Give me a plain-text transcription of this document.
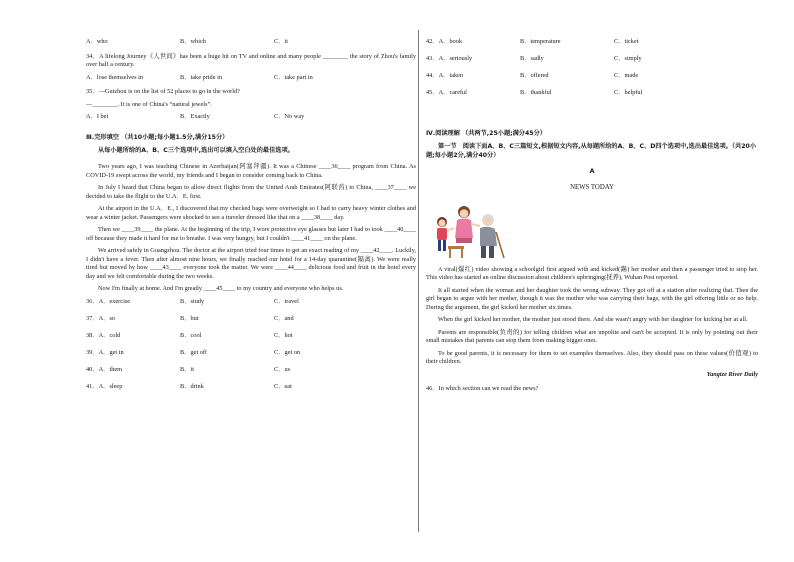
A．who	B．which	C．it

34．A lifelong Journey《人世间》has been a huge hit on TV and online and many people ________ the story of Zhou's family over half a century.

A．lose themselves in	B．take pride in	C．take part in

35．—Guizhou is on the list of 52 places to go in the world?

—________. It is one of China's “natural jewels”.

A．I bet	B．Exactly	C．No way
Ⅲ.完形填空 （共10小题;每小题1.5分,满分15分）
从每小题所给的A、B、C三个选项中,选出可以填入空白处的最佳选项。

Two years ago, I was teaching Chinese in Azerbaijan(阿塞拜疆). It was a Chinese ____36____ program from China. As COVID-19 swept across the world, my friends and I began to consider coming back to China.

In July I heard that China began to allow direct flights from the United Arab Emirates(阿联酋) to China, ____37____ we decided to take the flight to the U.A．E. first.

At the airport in the U.A．E., I discovered that my checked bags were overweight so I had to carry heavy winter clothes and wear a winter jacket. Passengers were shocked to see a traveler dressed like that on a ____38____ day.

Then we ____39____ the plane. At the beginning of the trip, I wore protective eye glasses but later I had to took ____40____ off because they made it hard for me to breathe. I was very hungry, but I couldn't ____41____ on the plane.

We arrived safely in Guangzhou. The doctor at the airport tried four times to get an exact reading of my ____42____. Luckily, I didn't have a fever. Then after almost nine hours, we finally reached our hotel for a 14-day quarantine(隔离). We were really tired but moved by how ____43____ everyone took the matter. We were ____44____ delicious food and fruit in the hotel every day and we felt comfortable during the two weeks.

Now I'm finally at home. And I'm greatly ____45____ to my country and everyone who helps us.

36．A．exercise	B．study	C．travel
37．A．so	B．but	C．and
38．A．cold	B．cool	C．hot
39．A．get in	B．get off	C．get on
40．A．them	B．it	C．us
41．A．sleep	B．drink	C．eat
42．A．book	B．temperature	C．ticket
43．A．seriously	B．sadly	C．simply
44．A．taken	B．offered	C．made
45．A．careful	B．thankful	C．helpful
Ⅳ.阅读理解 （共两节,25小题;满分45分）
第一节　阅读下面A、B、C三篇短文,根据短文内容,从每题所给的A、B、C、D四个选项中,选出最佳选项。（共20小题;每小题2分,满分40分）
A
NEWS TODAY

A viral(爆红) video showing a schoolgirl first argued with and kicked(踢) her mother and then a passenger tried to stop her. This video has started an online discussion about children's upbringing(抚养), Wuhan Post reported.

It all started when the woman and her daughter took the wrong subway. They got off at a station after realizing that. Then the girl began to argue with her mother, though it was the mother who was carrying their bags, with the girl offering little or no help. During the argument, the girl kicked her mother six times.

When the girl kicked her mother, the mother just stood there. And she wasn't angry with her daughter for kicking her at all.

Parents are responsible(负责的) for telling children what are unpolite and can't be accepted. It is only by pointing out their small mistakes that parents can stop them from making bigger ones.

To be good parents, it is necessary for them to set examples themselves. Also, they should pass on these values(价值观) to their children.

Yangtze River Daily

46．In which section can we read the news?
